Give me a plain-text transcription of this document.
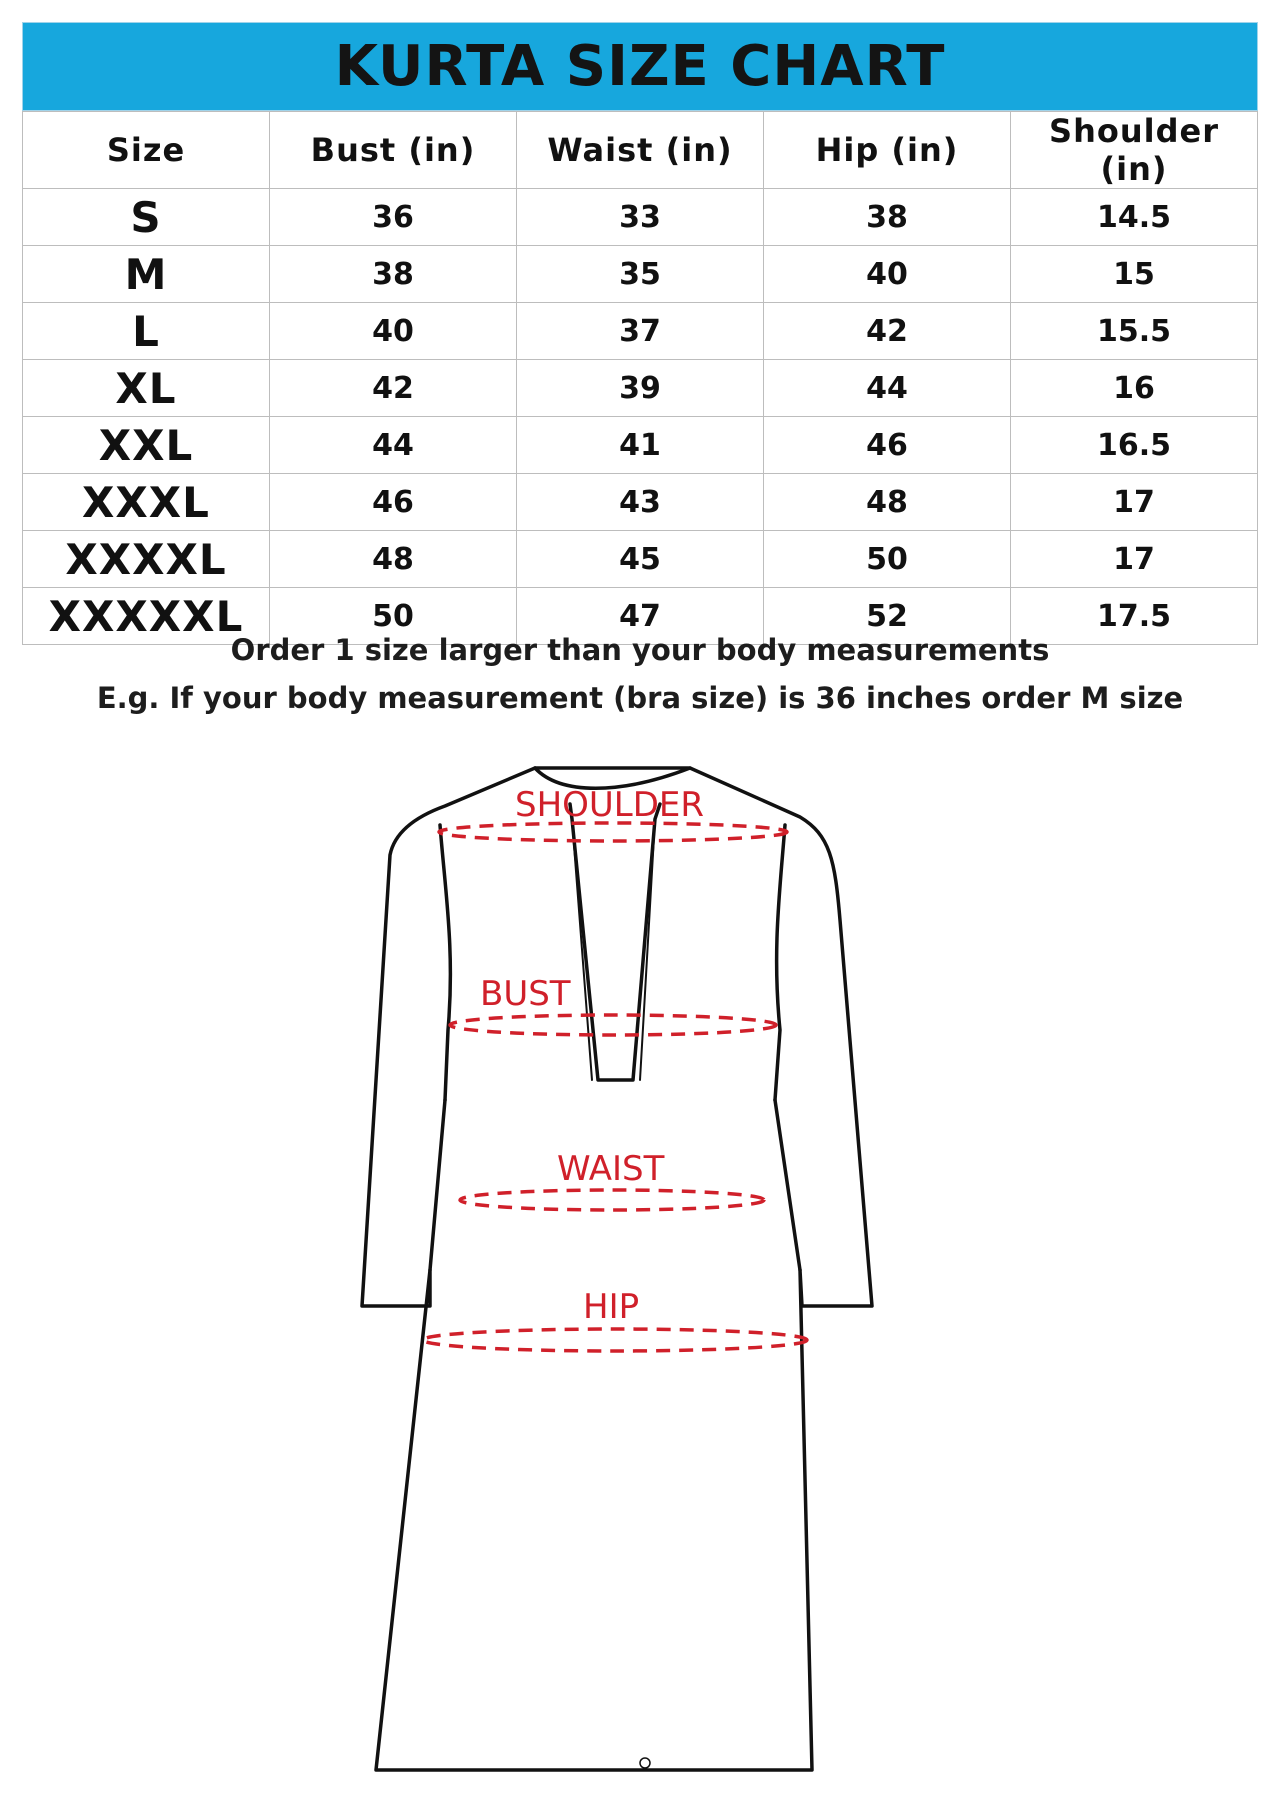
KURTA SIZE CHART
Size	Bust (in)	Waist (in)	Hip (in)	Shoulder (in)
S	36	33	38	14.5
M	38	35	40	15
L	40	37	42	15.5
XL	42	39	44	16
XXL	44	41	46	16.5
XXXL	46	43	48	17
XXXXL	48	45	50	17
XXXXXL	50	47	52	17.5
Order 1 size larger than your body measurements
E.g. If your body measurement (bra size) is 36 inches order M size
SHOULDER
BUST
WAIST
HIP
